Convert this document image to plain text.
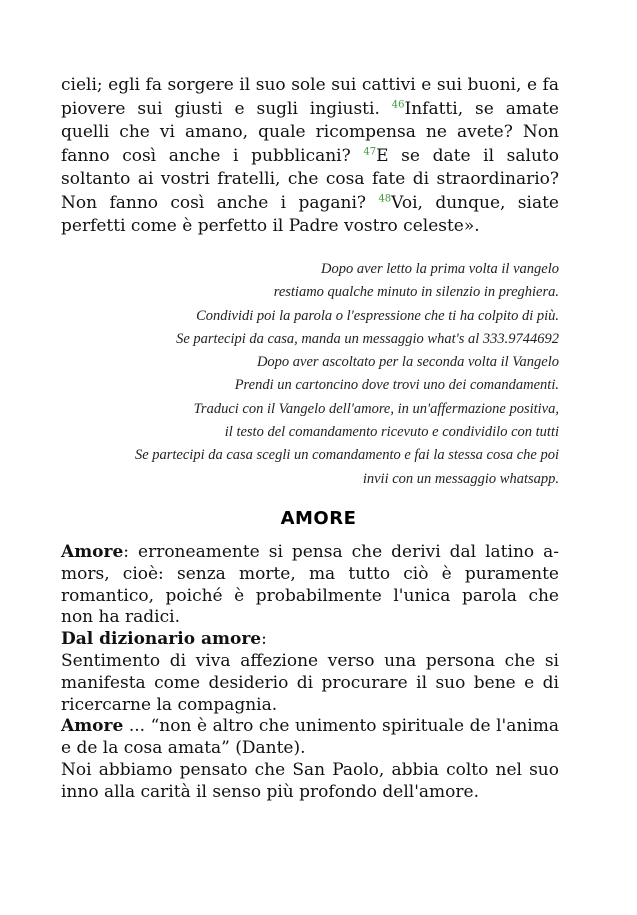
cieli; egli fa sorgere il suo sole sui cattivi e sui buoni, e fa piovere sui giusti e sugli ingiusti. $^{46}$Infatti, se amate quelli che vi amano, quale ricompensa ne avete? Non fanno così anche i pubblicani? $^{47}$E se date il saluto soltanto ai vostri fratelli, che cosa fate di straordinario? Non fanno così anche i pagani? $^{48}$Voi, dunque, siate perfetti come è perfetto il Padre vostro celeste».

Dopo aver letto la prima volta il vangelo
restiamo qualche minuto in silenzio in preghiera.
Condividi poi la parola o l'espressione che ti ha colpito di più.
Se partecipi da casa, manda un messaggio what's al 333.9744692
Dopo aver ascoltato per la seconda volta il Vangelo
Prendi un cartoncino dove trovi uno dei comandamenti.
Traduci con il Vangelo dell'amore, in un'affermazione positiva,
il testo del comandamento ricevuto e condividilo con tutti
Se partecipi da casa scegli un comandamento e fai la stessa cosa che poi
invii con un messaggio whatsapp.
AMORE

Amore: erroneamente si pensa che derivi dal latino a-mors, cioè: senza morte, ma tutto ciò è puramente romantico, poiché è probabilmente l'unica parola che non ha radici.

Dal dizionario amore:

Sentimento di viva affezione verso una persona che si manifesta come desiderio di procurare il suo bene e di ricercarne la compagnia.

Amore ... “non è altro che unimento spirituale de l'anima e de la cosa amata” (Dante).

Noi abbiamo pensato che San Paolo, abbia colto nel suo inno alla carità il senso più profondo dell'amore.
